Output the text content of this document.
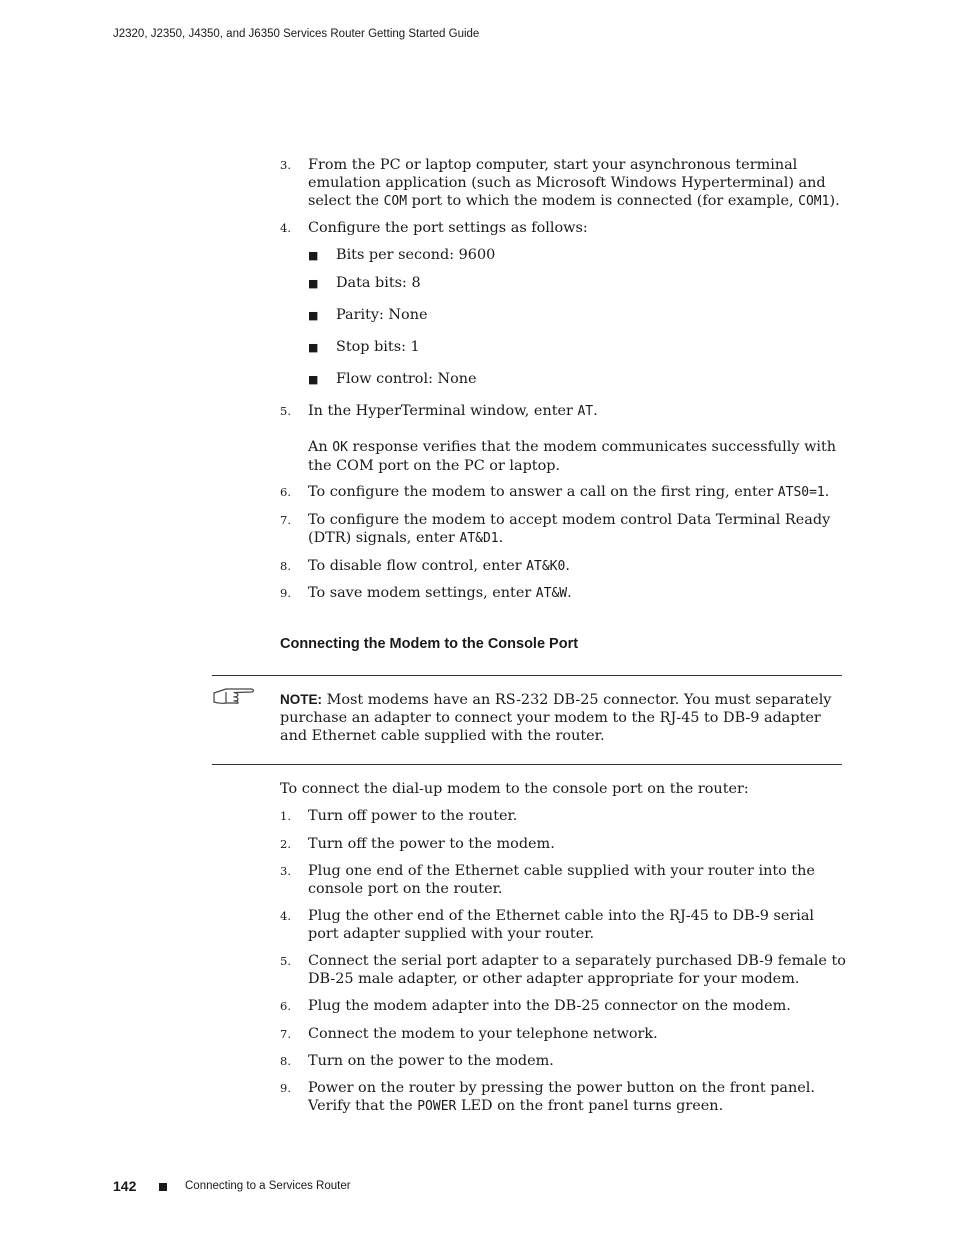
J2320, J2350, J4350, and J6350 Services Router Getting Started Guide
3.	From the PC or laptop computer, start your asynchronous terminal emulation application (such as Microsoft Windows Hyperterminal) and select the COM port to which the modem is connected (for example, COM1).
4.	Configure the port settings as follows:
■ Bits per second: 9600
■ Data bits: 8
■ Parity: None
■ Stop bits: 1
■ Flow control: None
5.	In the HyperTerminal window, enter AT.
An OK response verifies that the modem communicates successfully with the COM port on the PC or laptop.
6.	To configure the modem to answer a call on the first ring, enter ATS0=1.
7.	To configure the modem to accept modem control Data Terminal Ready (DTR) signals, enter AT&D1.
8.	To disable flow control, enter AT&K0.
9.	To save modem settings, enter AT&W.
Connecting the Modem to the Console Port
NOTE: Most modems have an RS-232 DB-25 connector. You must separately purchase an adapter to connect your modem to the RJ-45 to DB-9 adapter and Ethernet cable supplied with the router.
To connect the dial-up modem to the console port on the router:
1.	Turn off power to the router.
2.	Turn off the power to the modem.
3.	Plug one end of the Ethernet cable supplied with your router into the console port on the router.
4.	Plug the other end of the Ethernet cable into the RJ-45 to DB-9 serial port adapter supplied with your router.
5.	Connect the serial port adapter to a separately purchased DB-9 female to DB-25 male adapter, or other adapter appropriate for your modem.
6.	Plug the modem adapter into the DB-25 connector on the modem.
7.	Connect the modem to your telephone network.
8.	Turn on the power to the modem.
9.	Power on the router by pressing the power button on the front panel. Verify that the POWER LED on the front panel turns green.
142	Connecting to a Services Router
